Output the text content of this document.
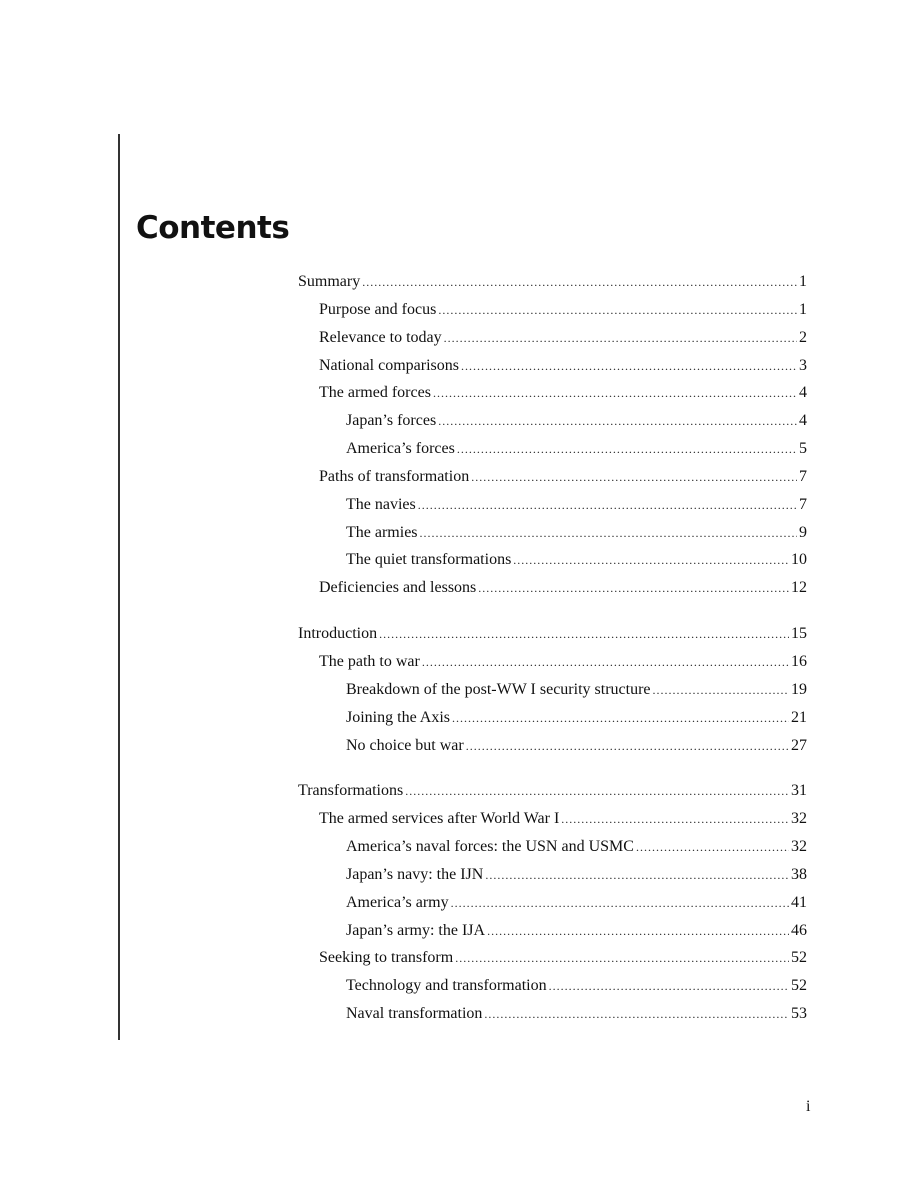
Contents
Summary .....	1
Purpose and focus .....	1
Relevance to today .....	2
National comparisons .....	3
The armed forces .....	4
Japan’s forces .....	4
America’s forces .....	5
Paths of transformation .....	7
The navies .....	7
The armies .....	9
The quiet transformations .....	10
Deficiencies and lessons .....	12
Introduction .....	15
The path to war .....	16
Breakdown of the post-WW I security structure .....	19
Joining the Axis .....	21
No choice but war .....	27
Transformations .....	31
The armed services after World War I .....	32
America’s naval forces: the USN and USMC .....	32
Japan’s navy: the IJN .....	38
America’s army .....	41
Japan’s army: the IJA .....	46
Seeking to transform .....	52
Technology and transformation .....	52
Naval transformation .....	53
i
